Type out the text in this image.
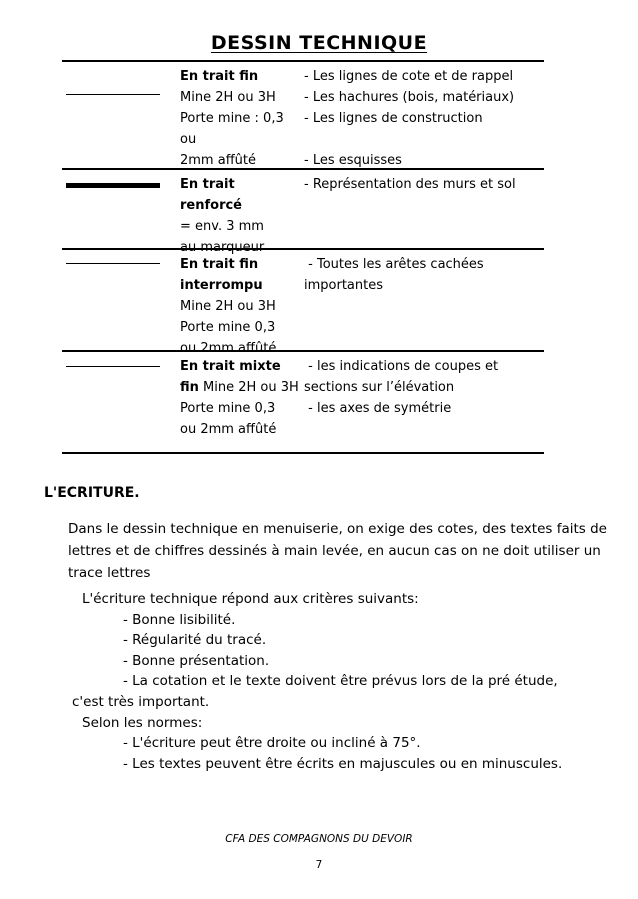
DESSIN TECHNIQUE
En trait fin
Mine 2H ou 3H
Porte mine : 0,3
ou
2mm affûté
- Les lignes de cote et de rappel
- Les hachures (bois, matériaux)
- Les lignes de construction

- Les esquisses
En trait renforcé
= env. 3 mm
au marqueur
- Représentation des murs et sol
En trait fin interrompu
Mine 2H ou 3H
Porte mine 0,3
ou 2mm affûté
- Toutes les arêtes cachées
importantes
En trait mixte fin Mine 2H ou 3H
Porte mine 0,3
ou 2mm affûté
- les indications de coupes et
sections sur l’élévation
- les axes de symétrie
L'ECRITURE.
Dans le dessin technique en menuiserie, on exige des cotes, des textes faits de lettres et de chiffres dessinés à main levée, en aucun cas on ne doit utiliser un trace lettres
L'écriture technique répond aux critères suivants:
- Bonne lisibilité.
- Régularité du tracé.
- Bonne présentation.
- La cotation et le texte doivent être prévus lors de la pré étude,
c'est très important.
Selon les normes:
- L'écriture peut être droite ou incliné à 75°.
- Les textes peuvent être écrits en majuscules ou en minuscules.
CFA DES COMPAGNONS DU DEVOIR
7
